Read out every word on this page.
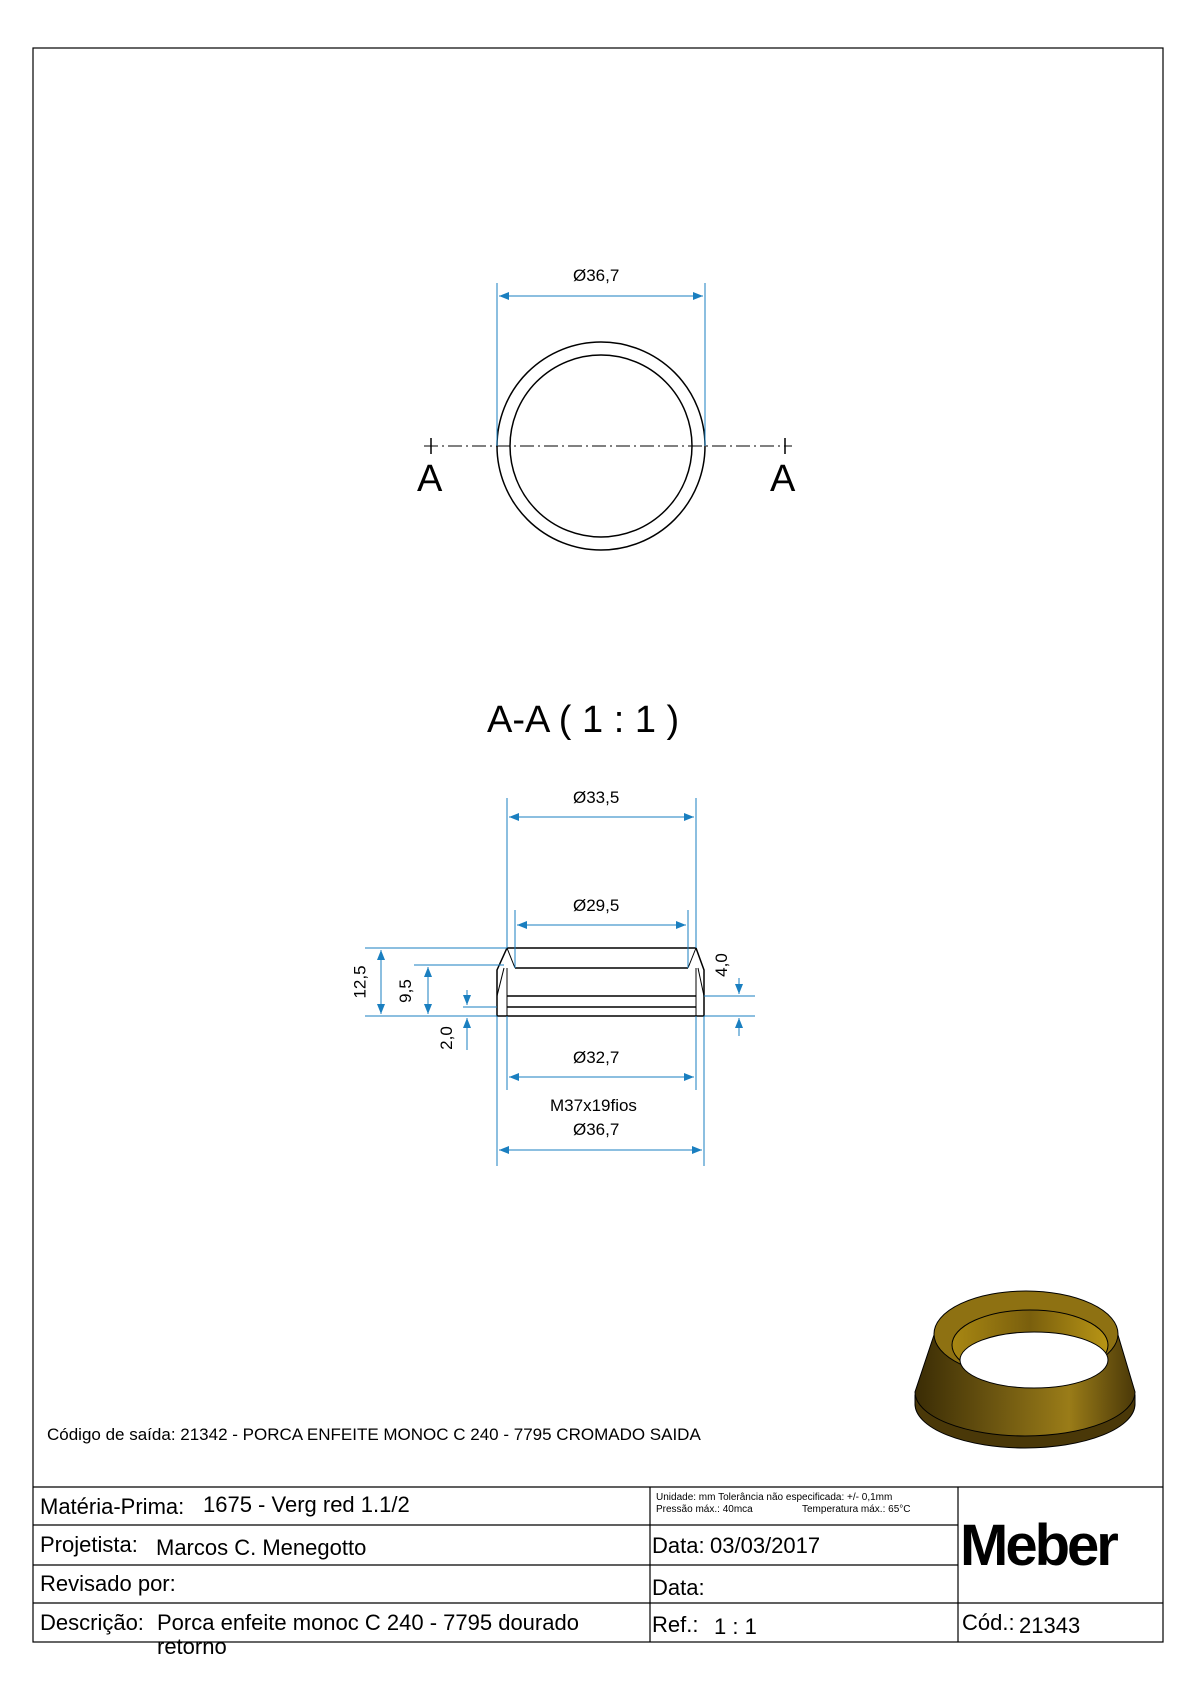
Ø36,7
A	A
A-A ( 1 : 1 )
Ø33,5
Ø29,5
12,5 9,5
2,0
4,0
Ø32,7
M37x19fios
Ø36,7
Código de saída: 21342 - PORCA ENFEITE MONOC C 240 - 7795 CROMADO SAIDA
Matéria-Prima: 1675 - Verg red 1.1/2
Projetista: Marcos C. Menegotto
Revisado por:
Descrição: Porca enfeite monoc C 240 - 7795 dourado
retorno
Unidade: mm Tolerância não especificada: +/- 0,1mm
Pressão máx.: 40mca	Temperatura máx.: 65°C
Data: 03/03/2017
Data:
Ref.: 1 : 1
Meber
Cód.: 21343
